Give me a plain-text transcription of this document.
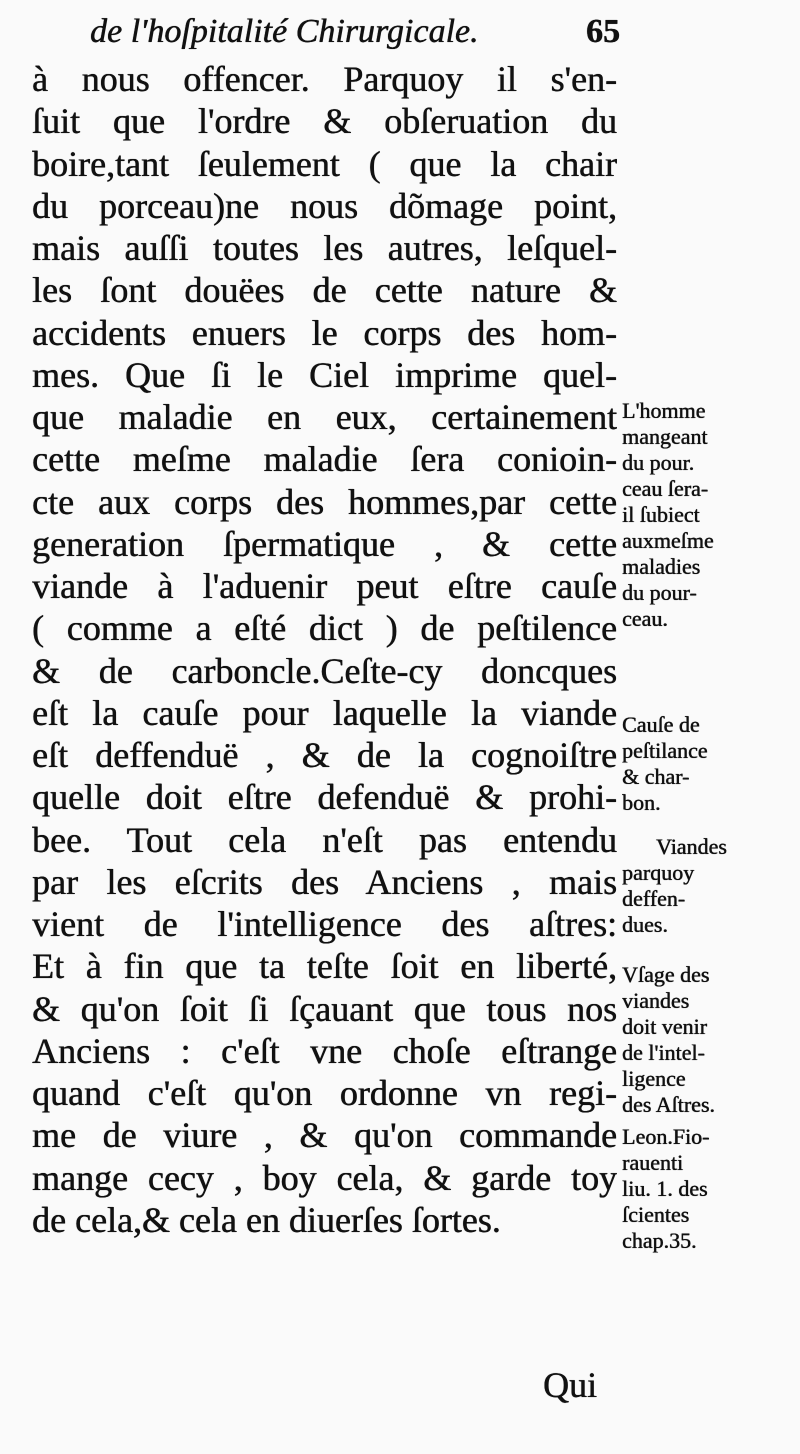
de l'hoſpitalité Chirurgicale.	65
à nous offencer. Parquoy il s'en-
ſuit que l'ordre & obſeruation du
boire,tant ſeulement ( que la chair
du porceau)ne nous dõmage point,
mais auſſi toutes les autres, leſquel-
les ſont douëes de cette nature &
accidents enuers le corps des hom-
mes. Que ſi le Ciel imprime quel-
que maladie en eux, certainement
cette meſme maladie ſera conioin-
cte aux corps des hommes,par cette
generation ſpermatique , & cette
viande à l'aduenir peut eſtre cauſe
( comme a eſté dict ) de peſtilence
& de carboncle.Ceſte-cy doncques
eſt la cauſe pour laquelle la viande
eſt deffenduë , & de la cognoiſtre
quelle doit eſtre defenduë & prohi-
bee. Tout cela n'eſt pas entendu
par les eſcrits des Anciens , mais
vient de l'intelligence des aſtres:
Et à fin que ta teſte ſoit en liberté,
& qu'on ſoit ſi ſçauant que tous nos
Anciens : c'eſt vne choſe eſtrange
quand c'eſt qu'on ordonne vn regi-
me de viure , & qu'on commande
mange cecy , boy cela, & garde toy
de cela,& cela en diuerſes ſortes.
Qui
L'homme
mangeant
du pour.
ceau ſera-
il ſubiect
auxmeſme
maladies
du pour-
ceau.
Cauſe de
peſtilance
& char-
bon.
Viandes
parquoy
deffen-
dues.
Vſage des
viandes
doit venir
de l'intel-
ligence
des Aſtres.
Leon.Fio-
rauenti
liu. 1. des
ſcientes
chap.35.
